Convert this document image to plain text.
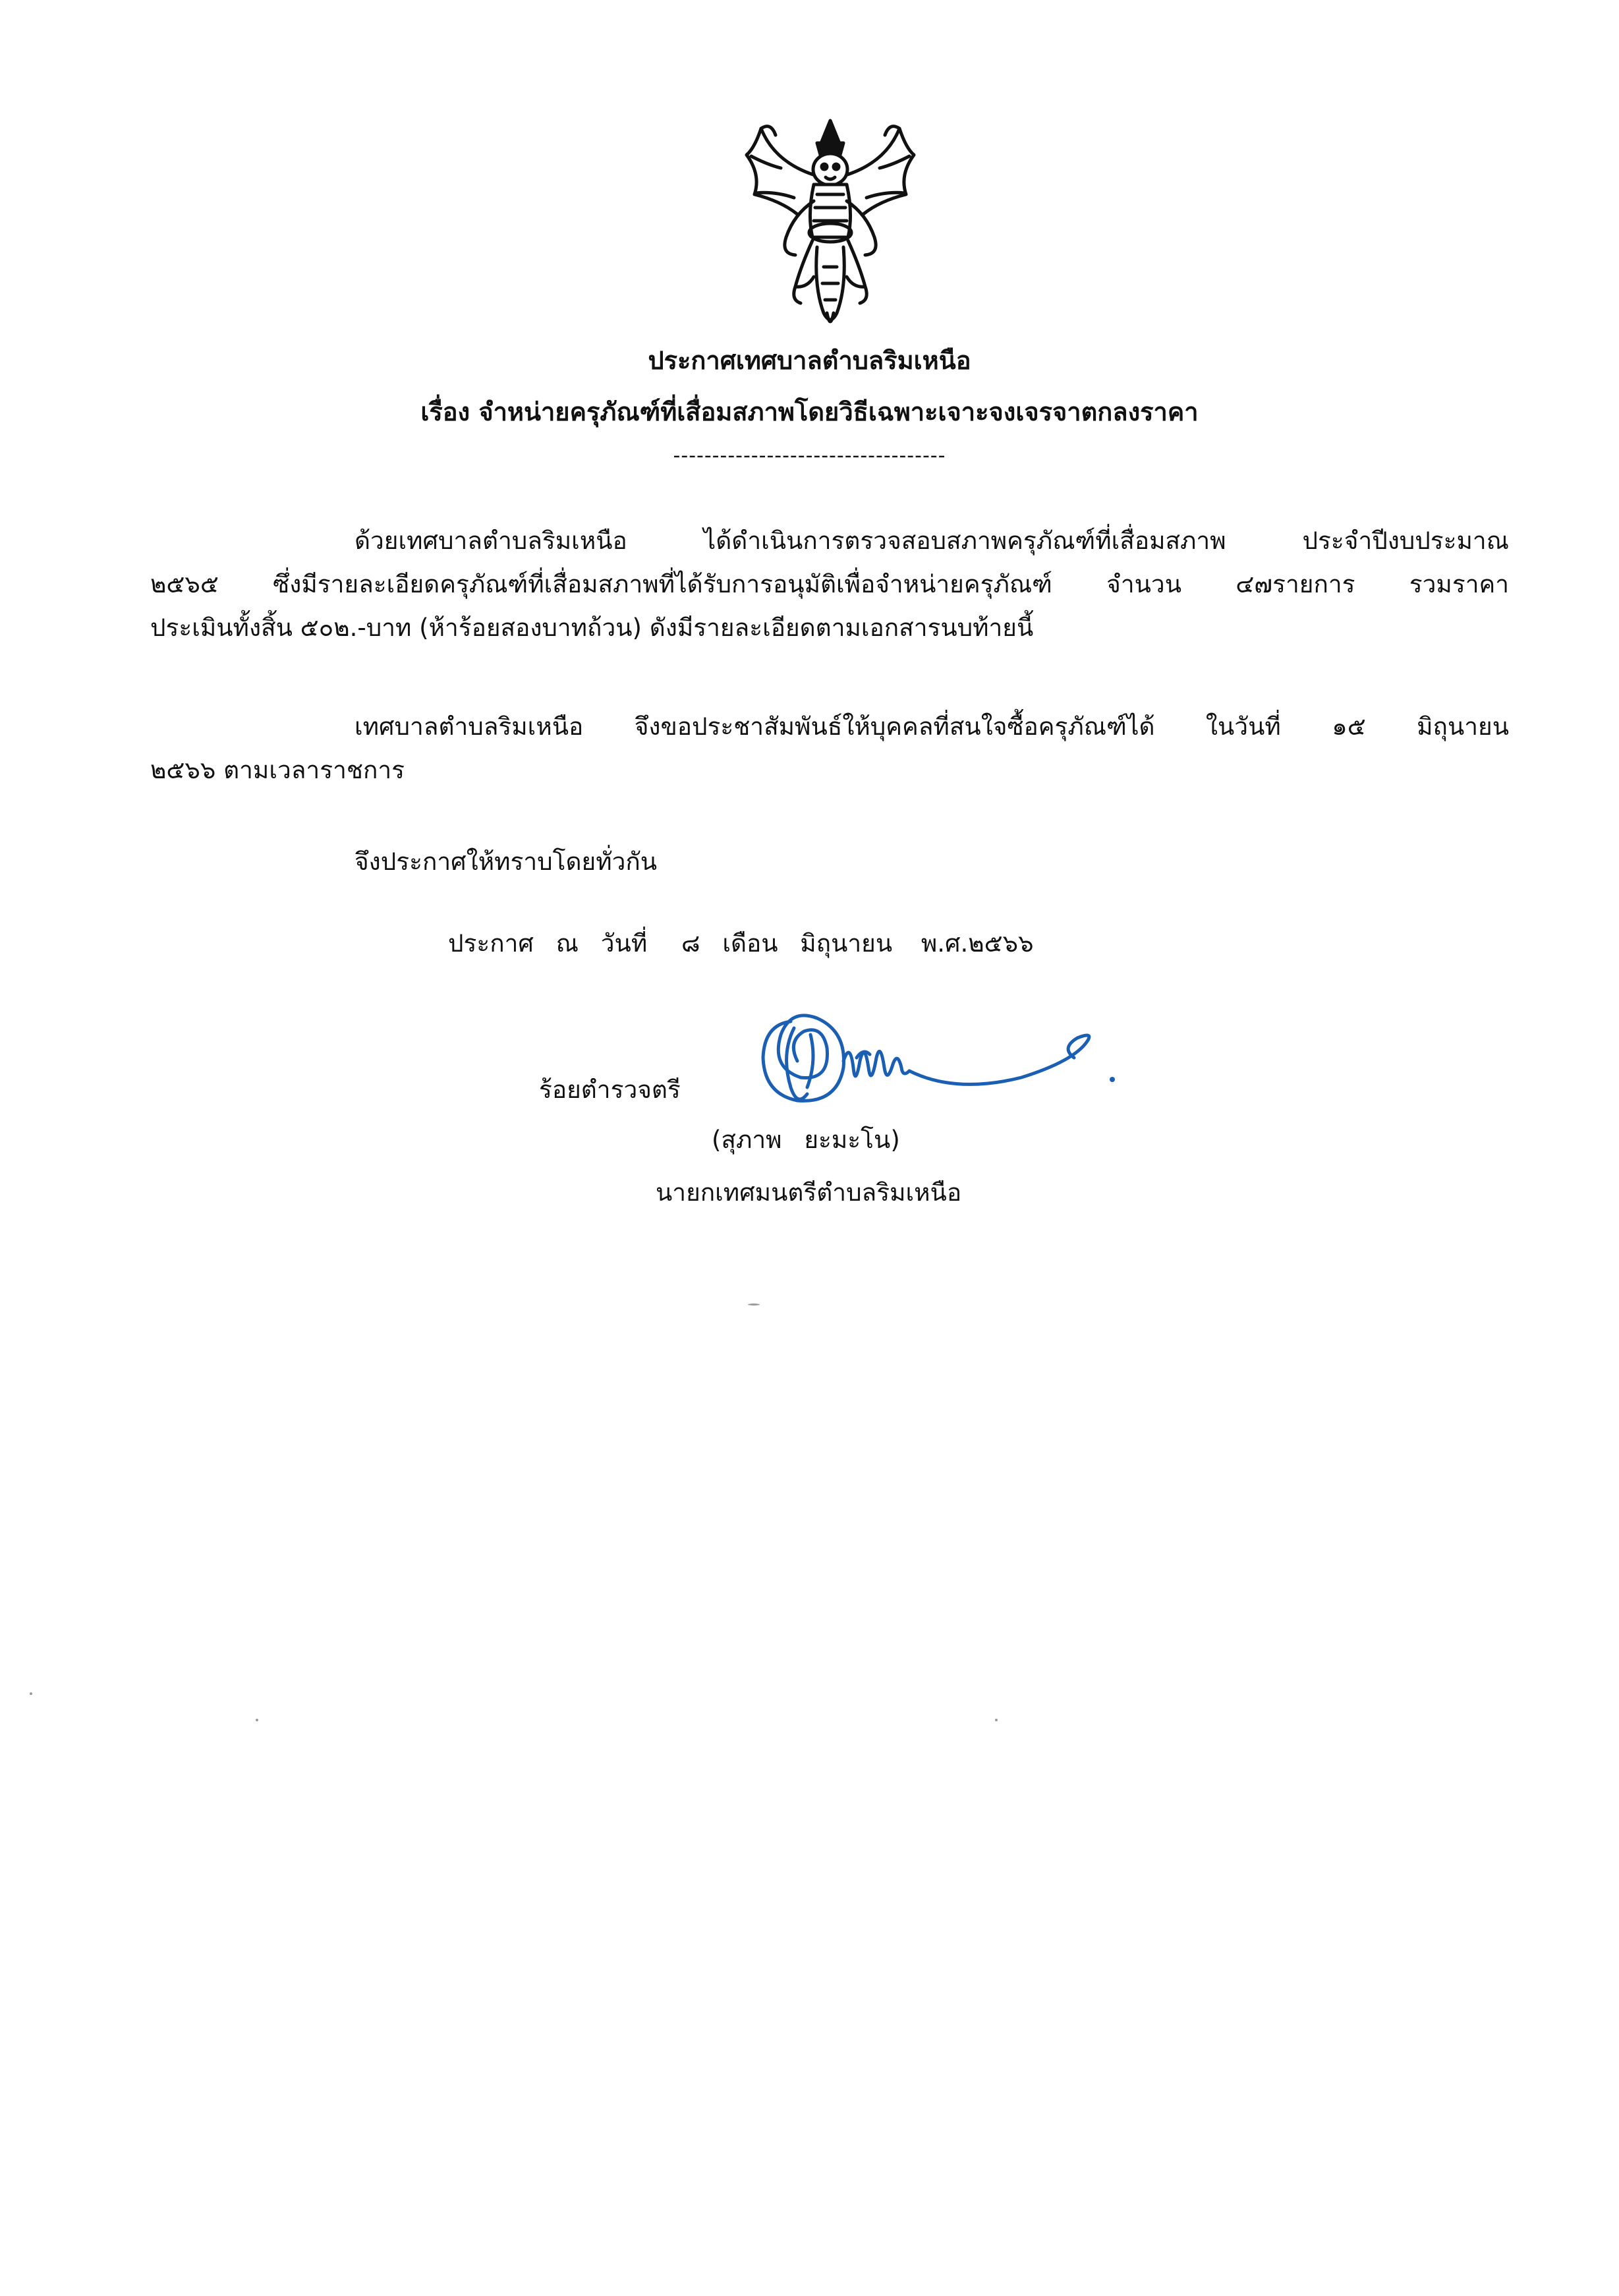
ประกาศเทศบาลตำบลริมเหนือ
เรื่อง จำหน่ายครุภัณฑ์ที่เสื่อมสภาพโดยวิธีเฉพาะเจาะจงเจรจาตกลงราคา
-----------------------------------
ด้วยเทศบาลตำบลริมเหนือ ได้ดำเนินการตรวจสอบสภาพครุภัณฑ์ที่เสื่อมสภาพ ประจำปีงบประมาณ
๒๕๖๕ ซึ่งมีรายละเอียดครุภัณฑ์ที่เสื่อมสภาพที่ได้รับการอนุมัติเพื่อจำหน่ายครุภัณฑ์ จำนวน ๔๗รายการ รวมราคา
ประเมินทั้งสิ้น ๕๐๒.-บาท (ห้าร้อยสองบาทถ้วน) ดังมีรายละเอียดตามเอกสารนบท้ายนี้
เทศบาลตำบลริมเหนือ จึงขอประชาสัมพันธ์ให้บุคคลที่สนใจซื้อครุภัณฑ์ได้ ในวันที่ ๑๕ มิถุนายน
๒๕๖๖ ตามเวลาราชการ
จึงประกาศให้ทราบโดยทั่วกัน
ประกาศ ณ วันที่ ๘ เดือน มิถุนายน พ.ศ.๒๕๖๖
ร้อยตำรวจตรี
(สุภาพ ยะมะโน)
นายกเทศมนตรีตำบลริมเหนือ
